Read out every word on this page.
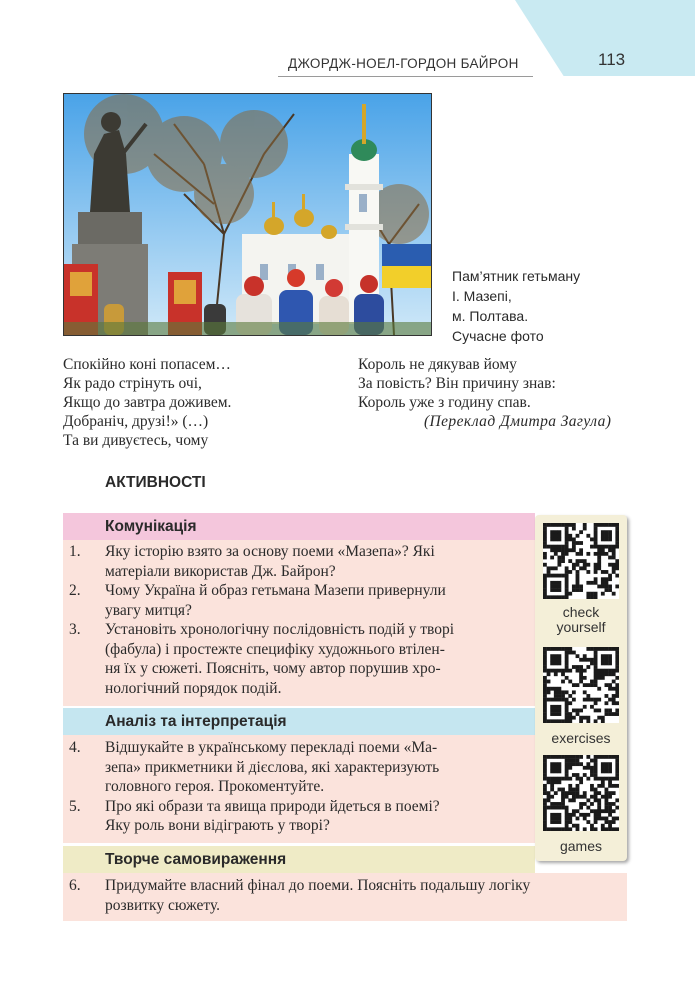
ДЖОРДЖ-НОЕЛ-ГОРДОН БАЙРОН	113
Пам’ятник гетьману
І. Мазепі,
м. Полтава.
Сучасне фото
Спокійно коні попасем…
Як радо стрінуть очі,
Якщо до завтра доживем.
Добраніч, друзі!» (…)
Та ви дивуєтесь, чому
Король не дякував йому
За повість? Він причину знав:
Король уже з годину спав.
(Переклад Дмитра Загула)
АКТИВНОСТІ
Комунікація
1.	Яку історію взято за основу поеми «Мазепа»? Які
матеріали використав Дж. Байрон?
2.	Чому Україна й образ гетьмана Мазепи привернули
увагу митця?
3.	Установіть хронологічну послідовність подій у творі
(фабула) і простежте специфіку художнього втілен-
ня їх у сюжеті. Поясніть, чому автор порушив хро-
нологічний порядок подій.
Аналіз та інтерпретація
4.	Відшукайте в українському перекладі поеми «Ма-
зепа» прикметники й дієслова, які характеризують
головного героя. Прокоментуйте.
5.	Про які образи та явища природи йдеться в поемі?
Яку роль вони відіграють у творі?
Творче самовираження
6.	Придумайте власний фінал до поеми. Поясніть подальшу логіку
розвитку сюжету.
check
yourself
exercises
games
